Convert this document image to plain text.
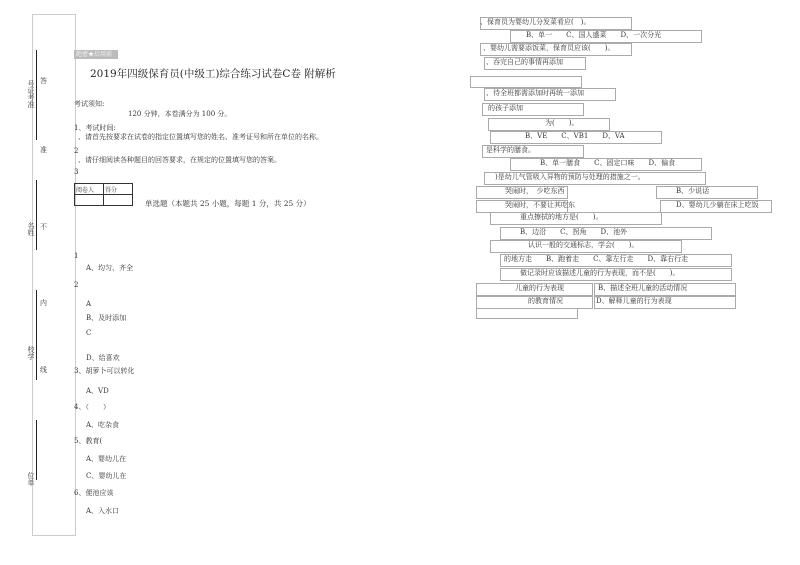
答
准
不
内
线
号证考准
名姓
校学
位单
绝密★启用前
2019年四级保育员(中级工)综合练习试卷C卷 附解析
考试须知:
120 分钟，本卷满分为 100 分。
1、考试时间:
、请首先按要求在试卷的指定位置填写您的姓名、准考证号和所在单位的名称。
2
、请仔细阅读各种题目的回答要求，在规定的位置填写您的答案。
3
阅卷人	得分

单选题（本题共 25 小题，每题 1 分，共 25 分）
1
A、均匀、齐全
2
A
B、及时添加
C
D、给喜欢
3、胡萝卜可以转化
A、VD
4、（　　）
A、吃杂食
5、教育(
A、婴幼儿在
C、婴幼儿在
6、便池应该
A、入水口
、保育员为婴幼儿分发菜肴应(　)。
B、单一　　C、国人盛菜　　D、一次分光
、婴幼儿需要添饭菜，保育员应该(　　)。
、吞完自己的事情再添加
、待全班都需添加时再统一添加
的孩子添加
为(　　)。
B、VE　　C、VB1　　D、VA
是科学的膳食。
B、单一膳食　　C、固定口味　　D、偏食
)是幼儿气管吸入异物的预防与处理的措施之一。
哭闹时，　少吃东西	B、少说话
哭闹时，不要让其吃东	D、婴幼儿少躺在床上吃饭
重点擦拭的地方是(　　)。
B、边沿　　C、拐角　　D、池外
认识一般的交通标志，学会(　　)。
的地方走　　B、跑着走　　C、靠左行走　　D、靠右行走
做记录时应该描述儿童的行为表现，而不是(　　)。
儿童的行为表现	B、描述全班儿童的活动情况
的教育情况	D、解释儿童的行为表现
